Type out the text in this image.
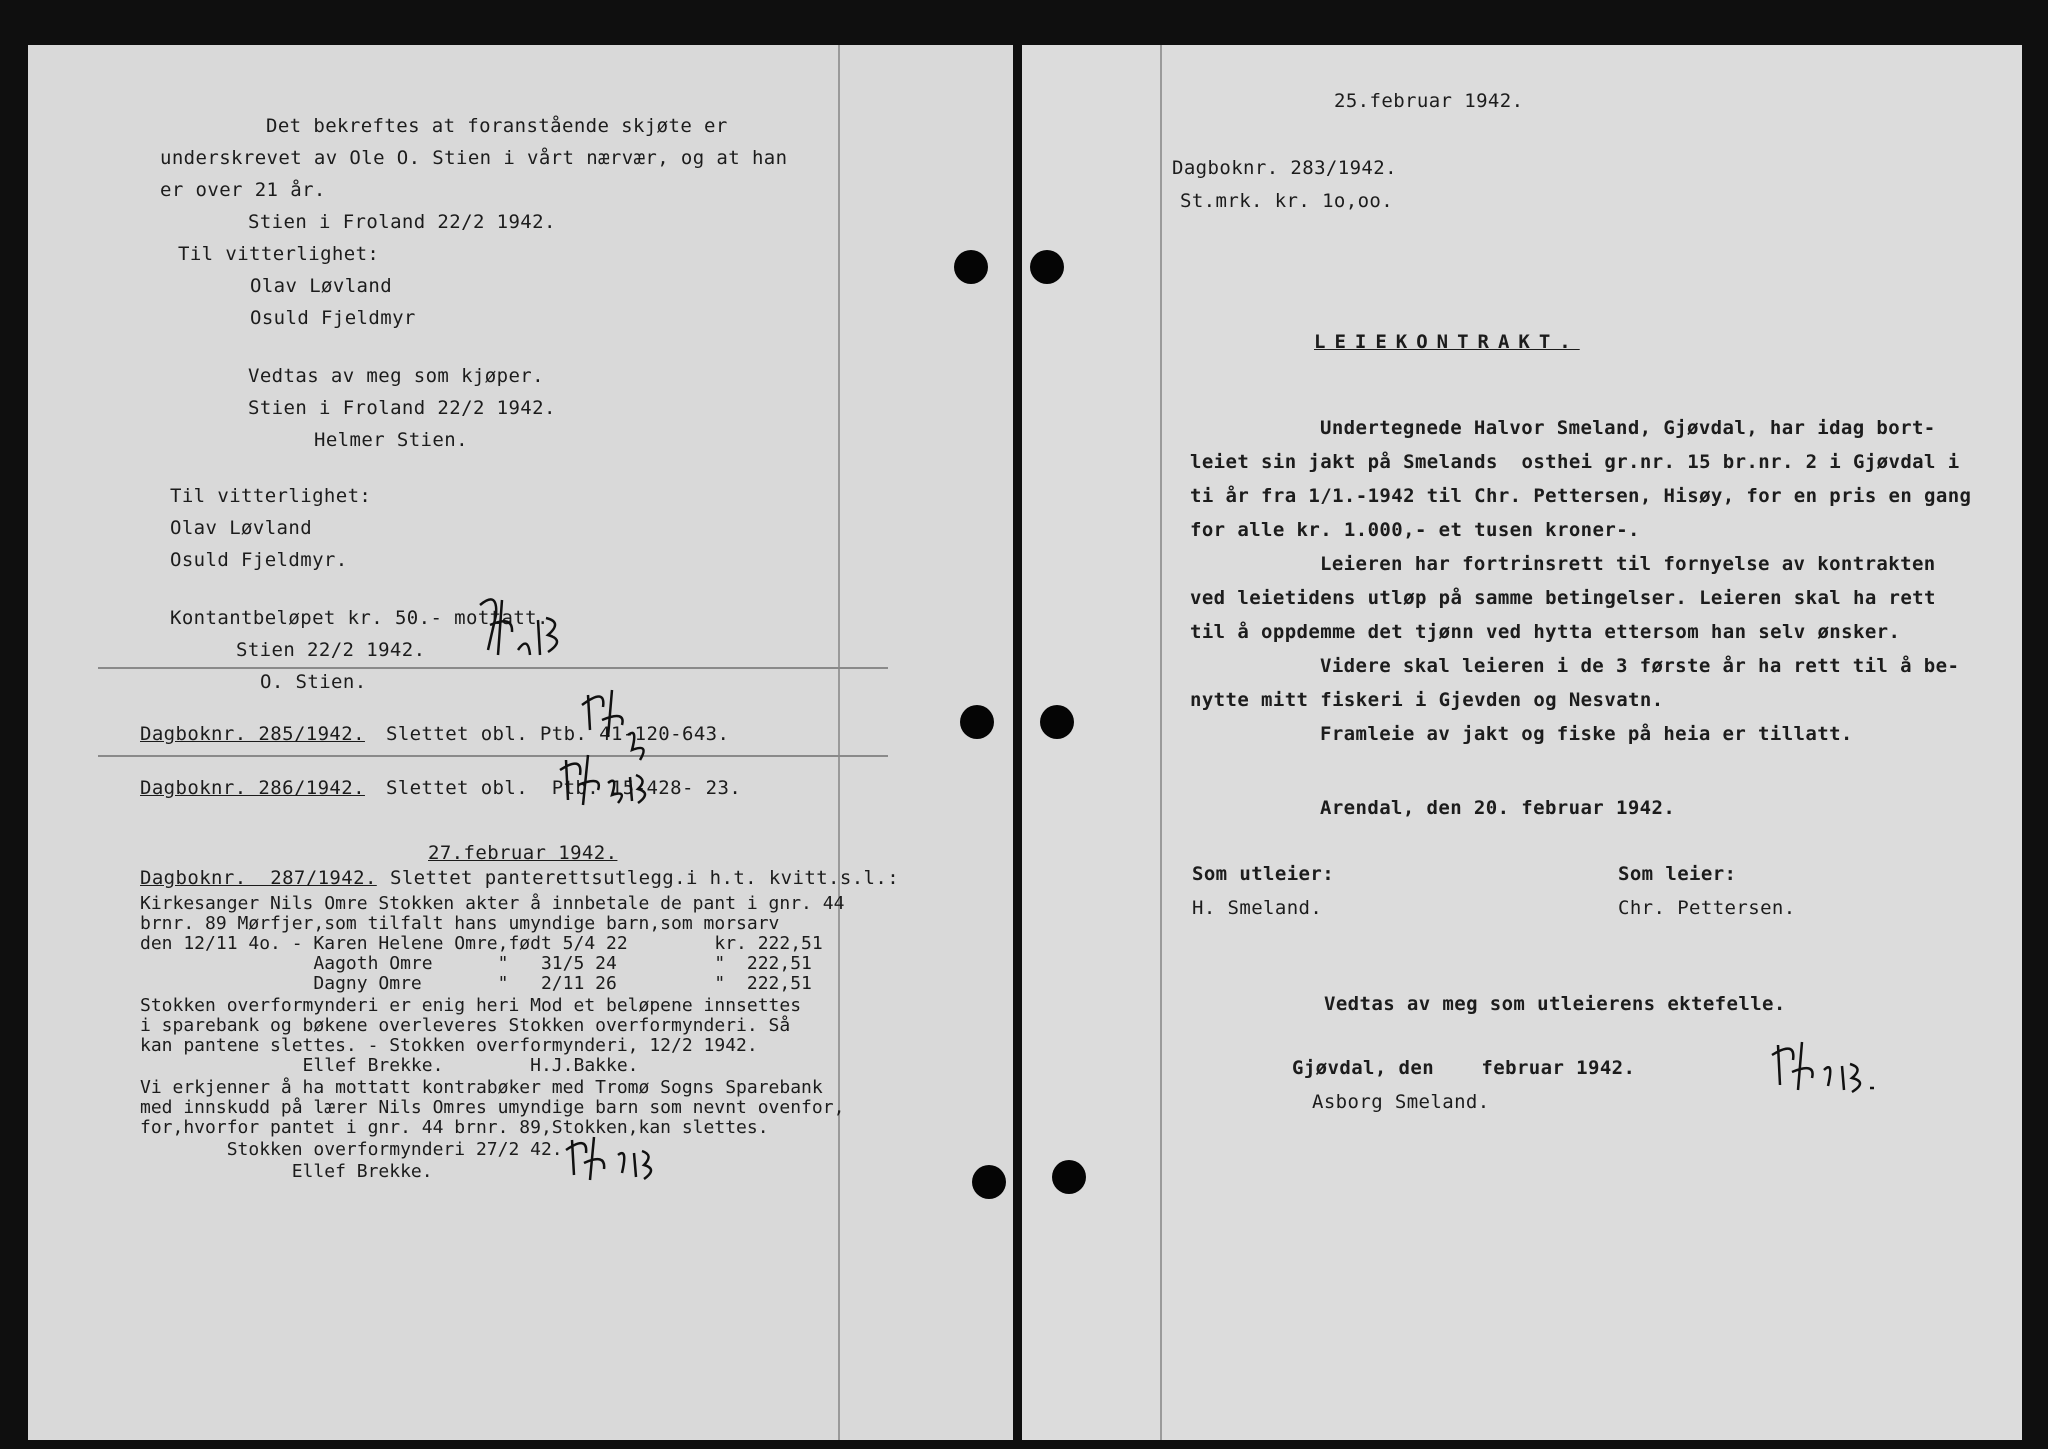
Det bekreftes at foranstående skjøte er
underskrevet av Ole O. Stien i vårt nærvær, og at han
er over 21 år.
Stien i Froland 22/2 1942.
Til vitterlighet:
Olav Løvland
Osuld Fjeldmyr
Vedtas av meg som kjøper.
Stien i Froland 22/2 1942.
Helmer Stien.
Til vitterlighet:
Olav Løvland
Osuld Fjeldmyr.
Kontantbeløpet kr. 50.- mottatt.
Stien 22/2 1942.
O. Stien.
Dagboknr. 285/1942. Slettet obl. Ptb. 41-120-643.
Dagboknr. 286/1942. Slettet obl.  Ptb. 15-428- 23.
27.februar 1942.
Dagboknr.  287/1942. Slettet panterettsutlegg.i h.t. kvitt.s.l.:
Kirkesanger Nils Omre Stokken akter å innbetale de pant i gnr. 44
brnr. 89 Mørfjer,som tilfalt hans umyndige barn,som morsarv
den 12/11 4o. - Karen Helene Omre,født 5/4 22        kr. 222,51
Aagoth Omre      "   31/5 24         "  222,51
Dagny Omre       "   2/11 26         "  222,51
Stokken overformynderi er enig heri Mod et beløpene innsettes
i sparebank og bøkene overleveres Stokken overformynderi. Så
kan pantene slettes. - Stokken overformynderi, 12/2 1942.
Ellef Brekke.        H.J.Bakke.
Vi erkjenner å ha mottatt kontrabøker med Tromø Sogns Sparebank
med innskudd på lærer Nils Omres umyndige barn som nevnt ovenfor,
for,hvorfor pantet i gnr. 44 brnr. 89,Stokken,kan slettes.
Stokken overformynderi 27/2 42.
Ellef Brekke.
25.februar 1942.
Dagboknr. 283/1942.
St.mrk. kr. 1o,oo.
LEIEKONTRAKT.
Undertegnede Halvor Smeland, Gjøvdal, har idag bort-
leiet sin jakt på Smelands  osthei gr.nr. 15 br.nr. 2 i Gjøvdal i
ti år fra 1/1.-1942 til Chr. Pettersen, Hisøy, for en pris en gang
for alle kr. 1.000,- et tusen kroner-.
Leieren har fortrinsrett til fornyelse av kontrakten
ved leietidens utløp på samme betingelser. Leieren skal ha rett
til å oppdemme det tjønn ved hytta ettersom han selv ønsker.
Videre skal leieren i de 3 første år ha rett til å be-
nytte mitt fiskeri i Gjevden og Nesvatn.
Framleie av jakt og fiske på heia er tillatt.
Arendal, den 20. februar 1942.
Som utleier:	Som leier:
H. Smeland.	Chr. Pettersen.
Vedtas av meg som utleierens ektefelle.
Gjøvdal, den    februar 1942.
Asborg Smeland.
